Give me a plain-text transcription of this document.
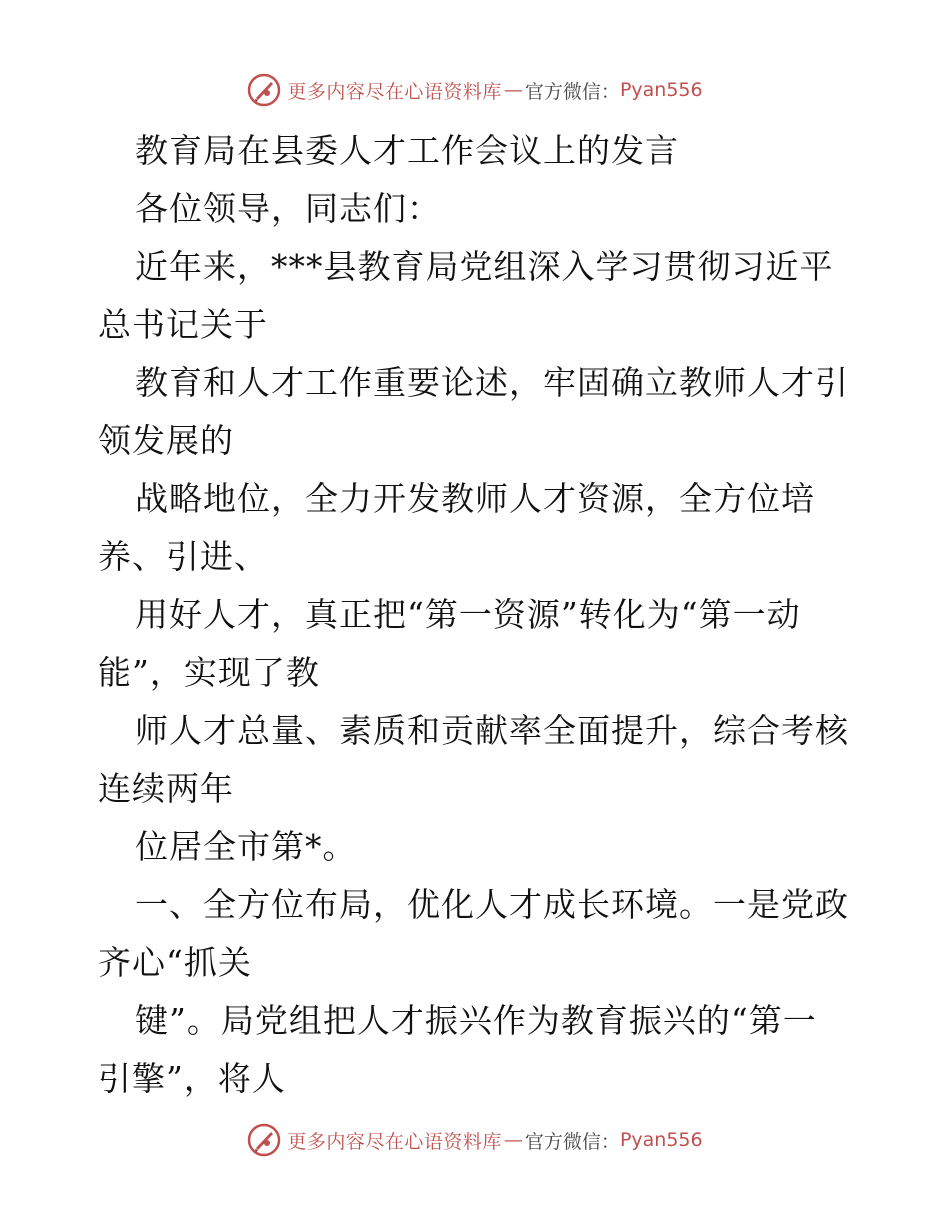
更多内容尽在心语资料库 — 官方微信： Pyan556
教育局在县委人才工作会议上的发言
各位领导，同志们：
近年来，***县教育局党组深入学习贯彻习近平
总书记关于
教育和人才工作重要论述，牢固确立教师人才引
领发展的
战略地位，全力开发教师人才资源，全方位培
养、引进、
用好人才，真正把“第一资源”转化为“第一动
能”，实现了教
师人才总量、素质和贡献率全面提升，综合考核
连续两年
位居全市第*。
一、全方位布局，优化人才成长环境。一是党政
齐心“抓关
键”。局党组把人才振兴作为教育振兴的“第一
引擎”，将人
更多内容尽在心语资料库 — 官方微信： Pyan556
